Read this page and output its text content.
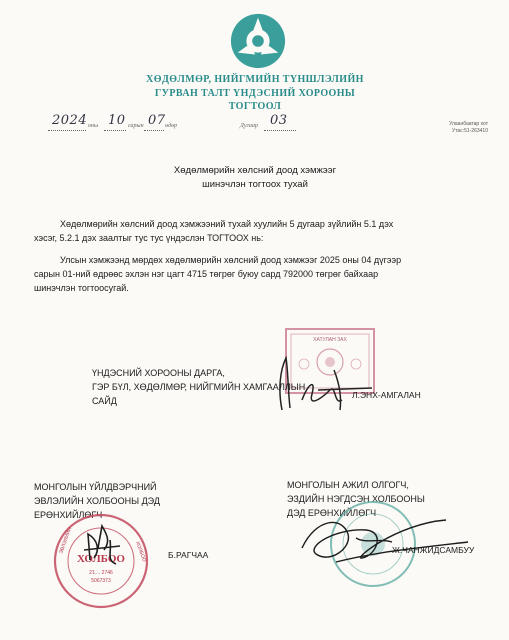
ХӨДӨЛМӨР, НИЙГМИЙН ТҮНШЛЭЛИЙН
ГУРВАН ТАЛТ ҮНДЭСНИЙ ХОРООНЫ
ТОГТООЛ
2024 оны 10 сарын 07 өдөр	Дугаар 03	Улаанбаатар хот
Утас:51-263410
Хөдөлмөрийн хөлсний доод хэмжээг
шинэчлэн тогтоох тухай
Хөдөлмөрийн хөлсний доод хэмжээний тухай хуулийн 5 дугаар зүйлийн 5.1 дэх
хэсэг, 5.2.1 дэх заалтыг тус тус үндэслэн ТОГТООХ нь:
Улсын хэмжээнд мөрдөх хөдөлмөрийн хөлсний доод хэмжээг 2025 оны 04 дүгээр
сарын 01-ний өдрөөс эхлэн нэг цагт 4715 төгрөг буюу сард 792000 төгрөг байхаар
шинэчлэн тогтоосугай.
ХАТУЛАН ЗАХ
ҮНДЭСНИЙ ХОРООНЫ ДАРГА,
ГЭР БҮЛ, ХӨДӨЛМӨР, НИЙГМИЙН ХАМГААЛЛЫН
САЙД
Л.ЭНХ-АМГАЛАН
МОНГОЛЫН ҮЙЛДВЭРЧНИЙ
ЭВЛЭЛИЙН ХОЛБООНЫ ДЭД
ЕРӨНХИЙЛӨГЧ
ХОЛБОО
21.... 2746
5067373
ЭВЛЭЛИЙН	ХОЛБОО Б.РАГЧАА
МОНГОЛЫН АЖИЛ ОЛГОГЧ,
ЭЗДИЙН НЭГДСЭН ХОЛБООНЫ
ДЭД ЕРӨНХИЙЛӨГЧ
Ж.ЧАНЖИДСАМБУУ
